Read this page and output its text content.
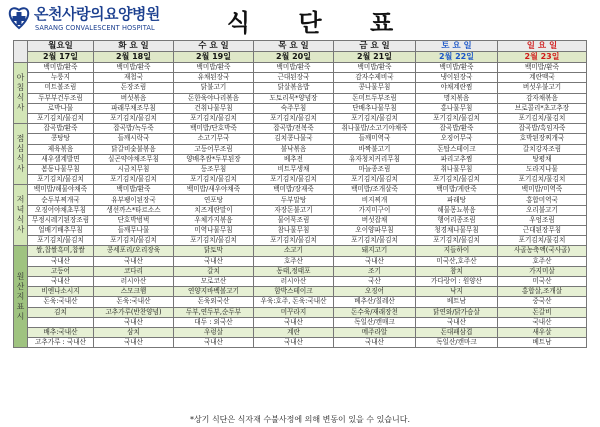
온천사랑의요양병원
SARANG CONVALESCENT HOSPITAL	식 단 표
	월요일	화 요 일	수 요 일	목 요 일	금 요 일	토 요 일	일 요 일
	2월 17일	2월 18일	2월 19일	2월 20일	2월 21일	2월 22일	2월 23일
아침식사	백미밥/환죽	백미밥/환죽	백미밥/환죽	백미밥/환죽	백미밥/환죽	백미밥/환죽	백미밥/환죽
	누룽지	재첩국	유채된장국	근대된장국	감자수제비국	냉이된장국	계란맥국
	미트볼조림	돈장조림	닭불고기	닭살볶음밥	콩나물무침	야채계란찜	버섯우불고기
	두부부건두조림	버섯볶음	돈한육야나리볶음	도토리묵*양념장	돈미트두부조림	명치볶음	감자채볶음
	로박나물	파래무채조무침	건취나물무침	숙주무침	단배추나물무침	홍나물무침	브로콜리*초고추장
	포기김치/물김치	포기김치/물김치	포기김치/물김치	포기김치/물김치	포기김치/물김치	포기김치/물김치	포기김치/물김치
점심식사	잡곡밥/환죽	잡곡밥/녹두죽	백미밥/단호박죽	잡곡밥/전복죽	취나물밥/소고기야채죽	잡곡밥/환죽	잡곡밥/흑임자죽
	콩탕탕	들깨시락국	소고기무국	김치콩나물국	들깨미역국	오징어무국	호박된장찌개국
	제육볶음	닭갈비숯불볶음	고등어무조림	불낙볶음	바짝불고기	돈탑스테이크	갈치강자조림
	새우샐계발면	실곤약야채조무침	양배추쌈*두부된장	베추전	유자청치커리무침	파리고추찜	탕평채
	봄동나물무침	시금치무침	등조무침	비트무생채	마늘종조림	취나물무침	도라지나물
	포기김치/물김치	포기김치/물김치	포기김치/물김치	포기김치/물김치	포기김치/물김치	포기김치/물김치	포기김치/물김치
저녁식사	백미밥/해물야채죽	백미밥/환죽	백미밥/새우야채죽	백미밥/장재죽	백미밥/조개살죽	백미밥/게란죽	백미밥/미역죽
	순두부찌개국	유부팽이된장국	연포탕	두부말탕	비지찌개	파래탕	홍합미역국
	오징어야채초무침	생선까스*타르소스	치즈계란말이	자장돈불고기	가지미구이	해물몽뇨볶음	오리불고기
	무정시레기된장조림	단호박범벅	우체가지볶음	물어묵조림	버섯잡채	행어리종조림	우엉조림
	얼배기배추무침	들깨무나물	미역나물무침	참나물무침	오이양파무침	청경채나물무침	근대된장무침
	포기김치/물김치	포기김치/물김치	포기김치/물김치	포기김치/물김치	포기김치/물김치	포기김치/물김치	포기김치/물김치
원산지표시	쌀,찹쌀흑미,찹쌀	콩세포리/오리장육	닭토막	소고기	돼지고기	지들하이	사골농축액(국사골)
	국내산	국내산	국내산	호주산	국내산	미국산,호주산	호주산
	고등어	코다리	갈치	동태,정태포	조기	참치	가지미살
	국내산	러시아산	모로코산	러시아산	국산	가다랑어 : 원양산	미국산
	비엔나소시지	스모크햄	연양지바벡볼고기	함박스테이크	오징어	낙지	홍합살,조개살
	돈육:국내산	돈육:국내산	돈육외국산	우육:호주, 돈육:국내산	베추산/칠레산	베트남	중국산
	김치	고추가루(반찬양념)	두부,연두부,순두부	미꾸라지	돈수육/재래장천	닭연와/닭가슴살	돈갈비
		국내산	대두 : 외국산	국내산	독일산/캔매크	국내산	국내산
	배추:국내산	삼치	우렁살	계란	메주라알	돈대패삼겹	새우살
	고추가루 : 국내산	국내산	국내산	국내산	국내산	독일산/캔마크	베트남
*상기 식단은 식자재 수불사정에 의해 변동이 있을 수 있습니다.
